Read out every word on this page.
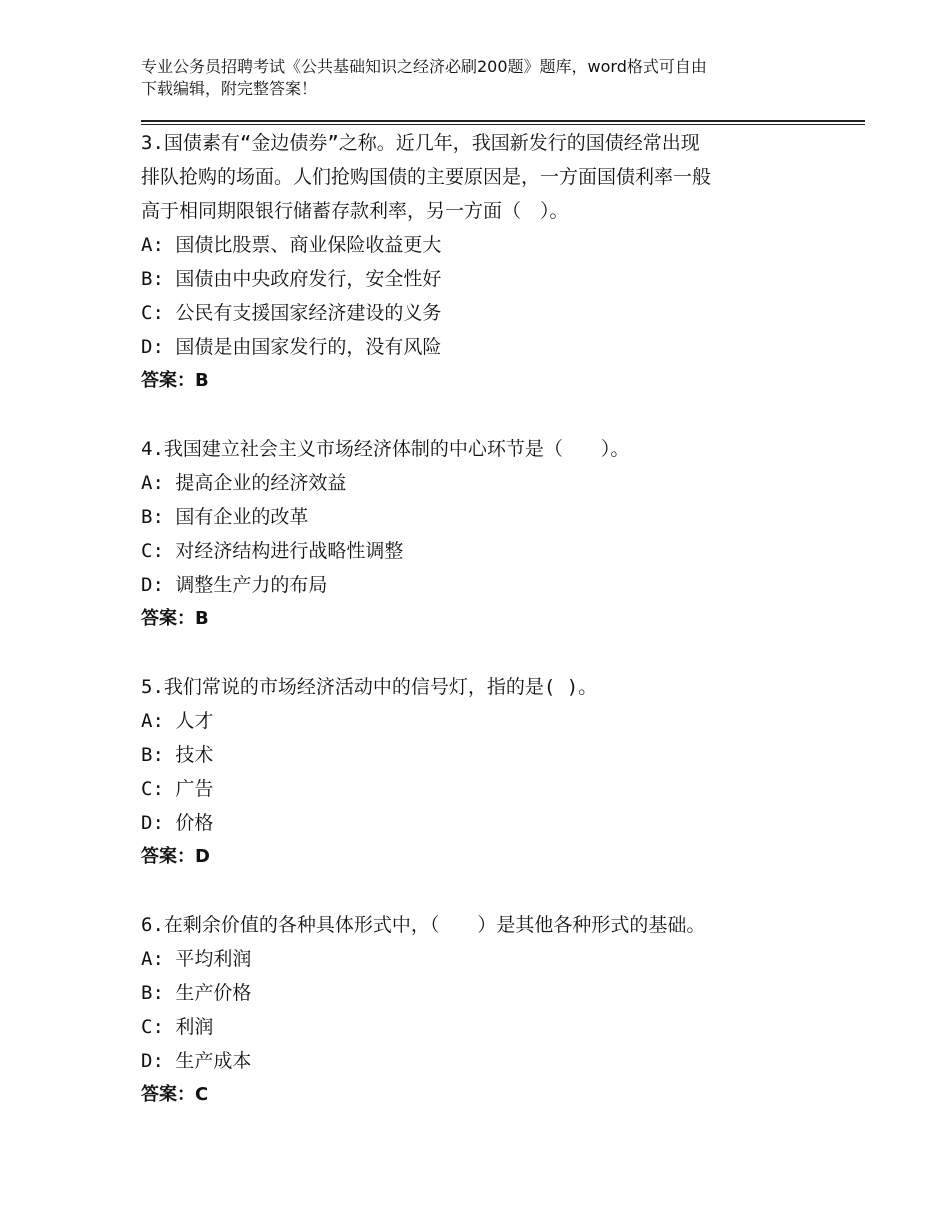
专业公务员招聘考试《公共基础知识之经济必刷200题》题库，word格式可自由
下载编辑，附完整答案！
3.国债素有“金边债券”之称。近几年，我国新发行的国债经常出现
排队抢购的场面。人们抢购国债的主要原因是，一方面国债利率一般
高于相同期限银行储蓄存款利率，另一方面（　）。
A: 国债比股票、商业保险收益更大
B: 国债由中央政府发行，安全性好
C: 公民有支援国家经济建设的义务
D: 国债是由国家发行的，没有风险
答案：B
4.我国建立社会主义市场经济体制的中心环节是（　　）。
A: 提高企业的经济效益
B: 国有企业的改革
C: 对经济结构进行战略性调整
D: 调整生产力的布局
答案：B
5.我们常说的市场经济活动中的信号灯，指的是( )。
A: 人才
B: 技术
C: 广告
D: 价格
答案：D
6.在剩余价值的各种具体形式中，（　　）是其他各种形式的基础。
A: 平均利润
B: 生产价格
C: 利润
D: 生产成本
答案：C
